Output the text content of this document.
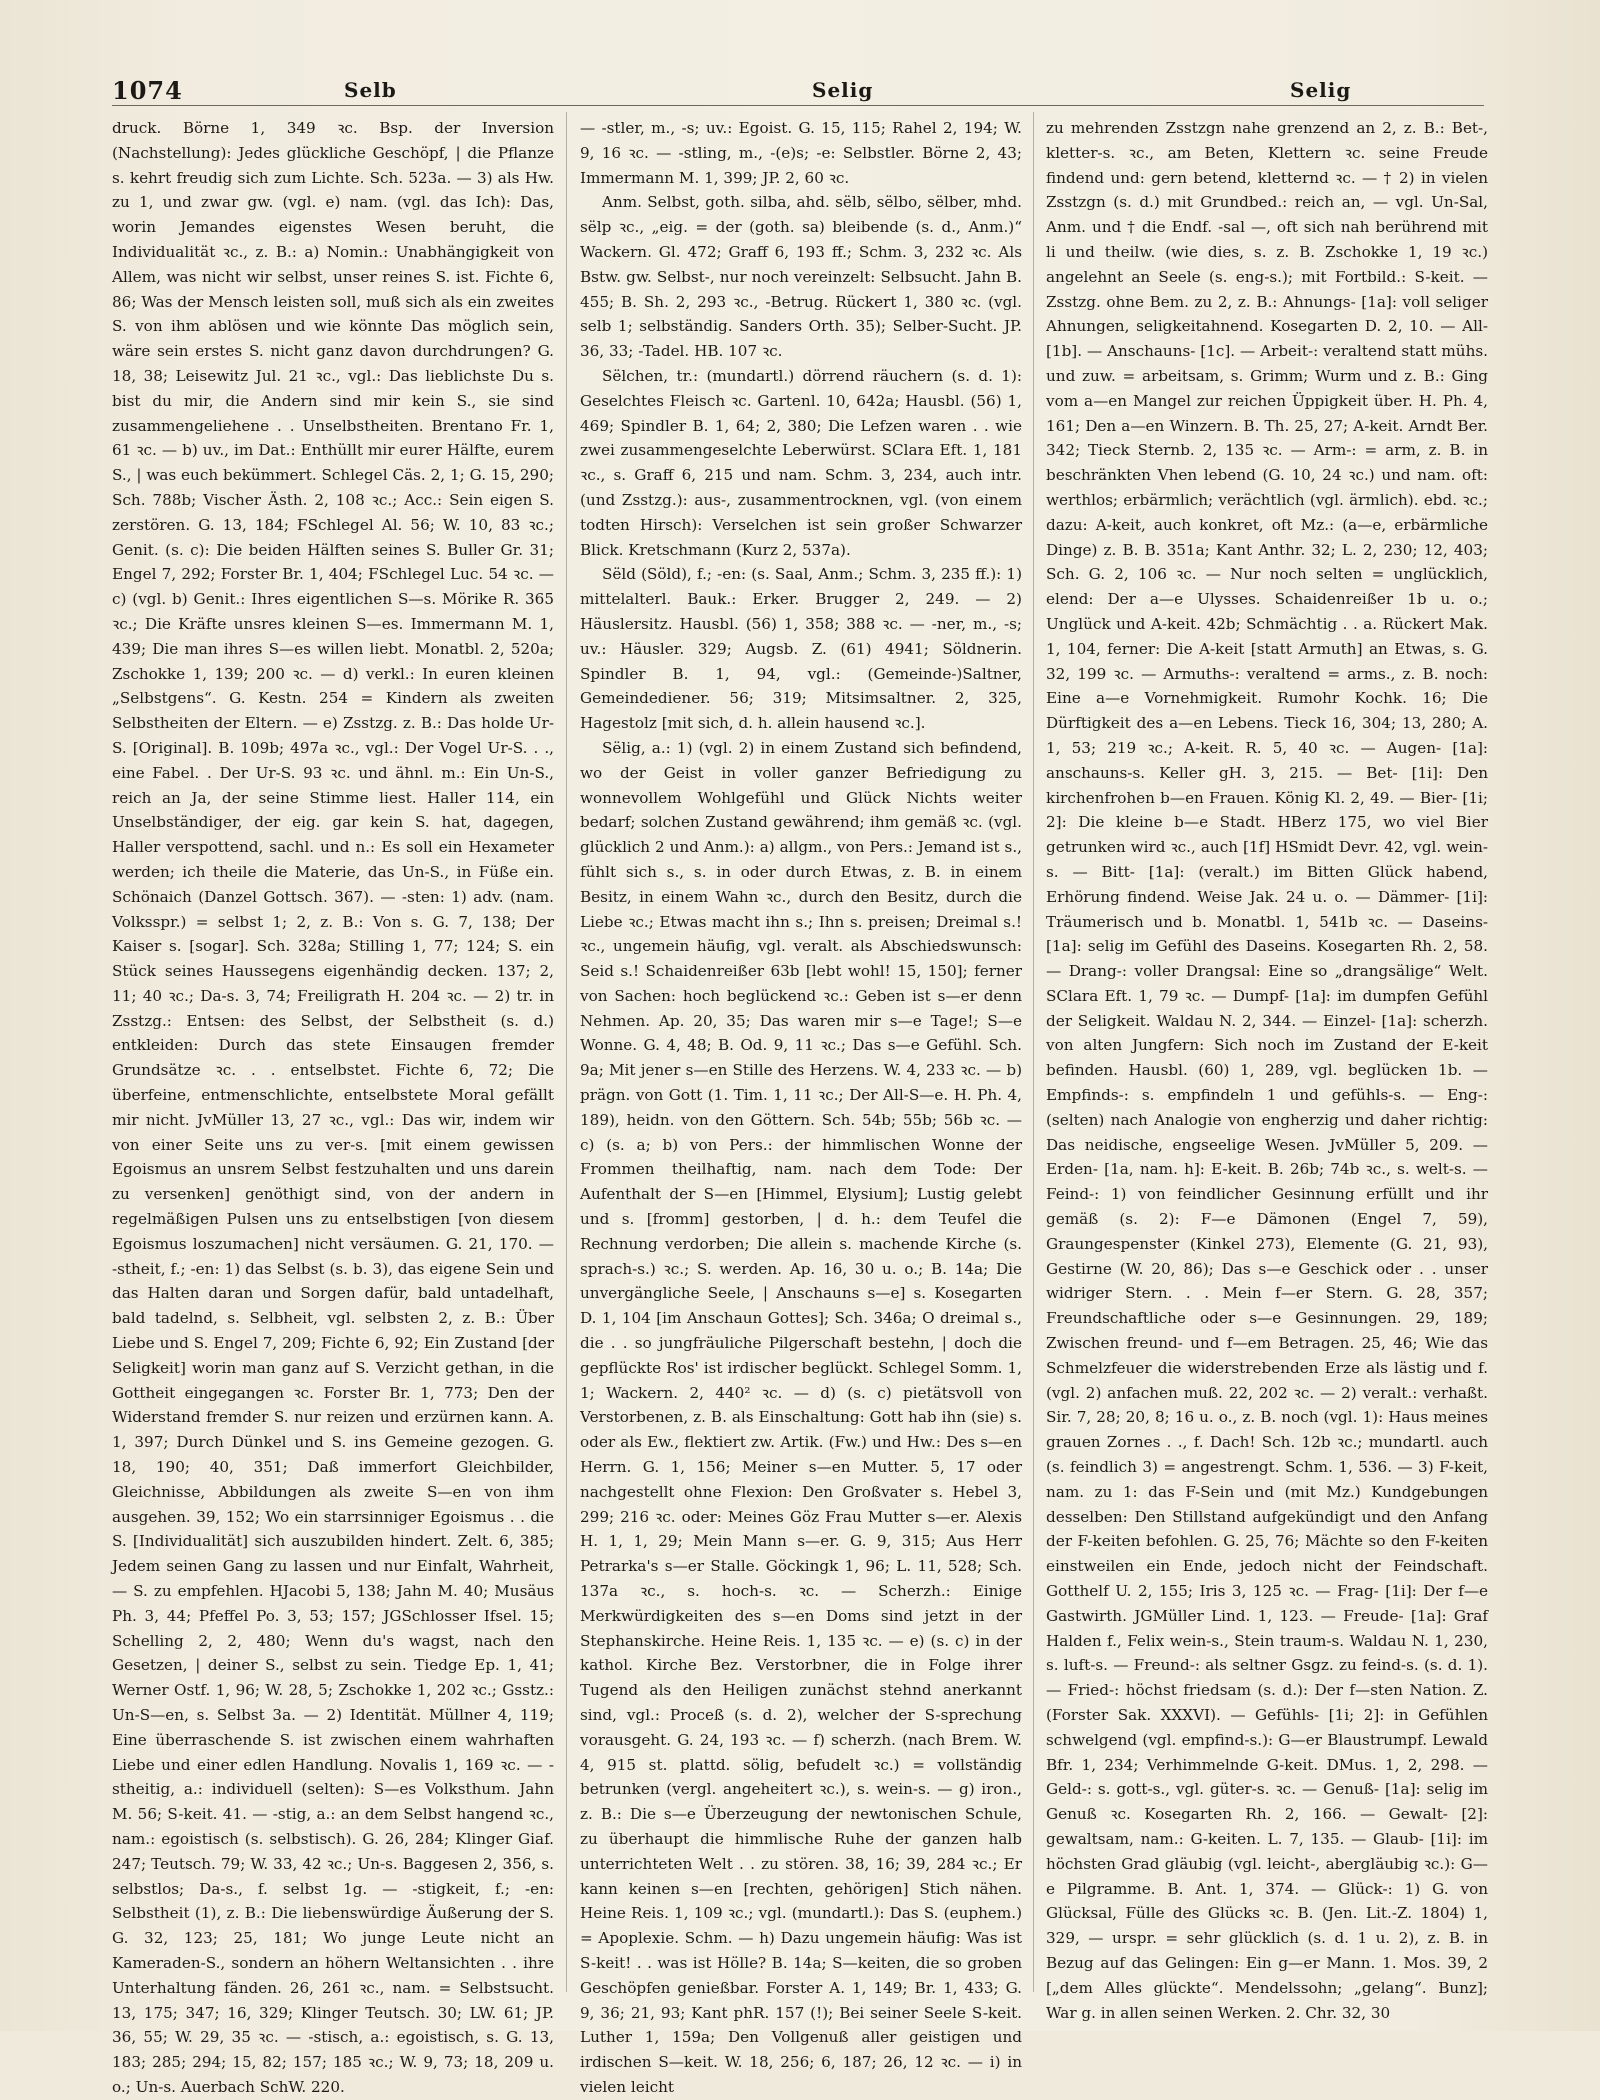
1074	Selb	Selig	Selig

druck. Börne 1, 349 ꝛc. Bsp. der Inversion (Nachstellung): Jedes glückliche Geschöpf, | die Pflanze s. kehrt freudig sich zum Lichte. Sch. 523a. — 3) als Hw. zu 1, und zwar gw. (vgl. e) nam. (vgl. das Ich): Das, worin Jemandes eigenstes Wesen beruht, die Individualität ꝛc., z. B.: a) Nomin.: Unabhängigkeit von Allem, was nicht wir selbst, unser reines S. ist. Fichte 6, 86; Was der Mensch leisten soll, muß sich als ein zweites S. von ihm ablösen und wie könnte Das möglich sein, wäre sein erstes S. nicht ganz davon durchdrungen? G. 18, 38; Leisewitz Jul. 21 ꝛc., vgl.: Das lieblichste Du s. bist du mir, die Andern sind mir kein S., sie sind zusammengeliehene . . Unselbstheiten. Brentano Fr. 1, 61 ꝛc. — b) uv., im Dat.: Enthüllt mir eurer Hälfte, eurem S., | was euch bekümmert. Schlegel Cäs. 2, 1; G. 15, 290; Sch. 788b; Vischer Ästh. 2, 108 ꝛc.; Acc.: Sein eigen S. zerstören. G. 13, 184; FSchlegel Al. 56; W. 10, 83 ꝛc.; Genit. (s. c): Die beiden Hälften seines S. Buller Gr. 31; Engel 7, 292; Forster Br. 1, 404; FSchlegel Luc. 54 ꝛc. — c) (vgl. b) Genit.: Ihres eigentlichen S—s. Mörike R. 365 ꝛc.; Die Kräfte unsres kleinen S—es. Immermann M. 1, 439; Die man ihres S—es willen liebt. Monatbl. 2, 520a; Zschokke 1, 139; 200 ꝛc. — d) verkl.: In euren kleinen „Selbstgens“. G. Kestn. 254 = Kindern als zweiten Selbstheiten der Eltern. — e) Zsstzg. z. B.: Das holde Ur-S. [Original]. B. 109b; 497a ꝛc., vgl.: Der Vogel Ur-S. . ., eine Fabel. . Der Ur-S. 93 ꝛc. und ähnl. m.: Ein Un-S., reich an Ja, der seine Stimme liest. Haller 114, ein Unselbständiger, der eig. gar kein S. hat, dagegen, Haller verspottend, sachl. und n.: Es soll ein Hexameter werden; ich theile die Materie, das Un-S., in Füße ein. Schönaich (Danzel Gottsch. 367). — -sten: 1) adv. (nam. Volksspr.) = selbst 1; 2, z. B.: Von s. G. 7, 138; Der Kaiser s. [sogar]. Sch. 328a; Stilling 1, 77; 124; S. ein Stück seines Haussegens eigenhändig decken. 137; 2, 11; 40 ꝛc.; Da-s. 3, 74; Freiligrath H. 204 ꝛc. — 2) tr. in Zsstzg.: Entsen: des Selbst, der Selbstheit (s. d.) entkleiden: Durch das stete Einsaugen fremder Grundsätze ꝛc. . . entselbstet. Fichte 6, 72; Die überfeine, entmenschlichte, entselbstete Moral gefällt mir nicht. JvMüller 13, 27 ꝛc., vgl.: Das wir, indem wir von einer Seite uns zu ver-s. [mit einem gewissen Egoismus an unsrem Selbst festzuhalten und uns darein zu versenken] genöthigt sind, von der andern in regelmäßigen Pulsen uns zu entselbstigen [von diesem Egoismus loszumachen] nicht versäumen. G. 21, 170. — -stheit, f.; -en: 1) das Selbst (s. b. 3), das eigene Sein und das Halten daran und Sorgen dafür, bald untadelhaft, bald tadelnd, s. Selbheit, vgl. selbsten 2, z. B.: Über Liebe und S. Engel 7, 209; Fichte 6, 92; Ein Zustand [der Seligkeit] worin man ganz auf S. Verzicht gethan, in die Gottheit eingegangen ꝛc. Forster Br. 1, 773; Den der Widerstand fremder S. nur reizen und erzürnen kann. A. 1, 397; Durch Dünkel und S. ins Gemeine gezogen. G. 18, 190; 40, 351; Daß immerfort Gleichbilder, Gleichnisse, Abbildungen als zweite S—en von ihm ausgehen. 39, 152; Wo ein starrsinniger Egoismus . . die S. [Individualität] sich auszubilden hindert. Zelt. 6, 385; Jedem seinen Gang zu lassen und nur Einfalt, Wahrheit, — S. zu empfehlen. HJacobi 5, 138; Jahn M. 40; Musäus Ph. 3, 44; Pfeffel Po. 3, 53; 157; JGSchlosser Ifsel. 15; Schelling 2, 2, 480; Wenn du's wagst, nach den Gesetzen, | deiner S., selbst zu sein. Tiedge Ep. 1, 41; Werner Ostf. 1, 96; W. 28, 5; Zschokke 1, 202 ꝛc.; Gsstz.: Un-S—en, s. Selbst 3a. — 2) Identität. Müllner 4, 119; Eine überraschende S. ist zwischen einem wahrhaften Liebe und einer edlen Handlung. Novalis 1, 169 ꝛc. — -stheitig, a.: individuell (selten): S—es Volksthum. Jahn M. 56; S-keit. 41. — -stig, a.: an dem Selbst hangend ꝛc., nam.: egoistisch (s. selbstisch). G. 26, 284; Klinger Giaf. 247; Teutsch. 79; W. 33, 42 ꝛc.; Un-s. Baggesen 2, 356, s. selbstlos; Da-s., f. selbst 1g. — -stigkeit, f.; -en: Selbstheit (1), z. B.: Die liebenswürdige Äußerung der S. G. 32, 123; 25, 181; Wo junge Leute nicht an Kameraden-S., sondern an höhern Weltansichten . . ihre Unterhaltung fänden. 26, 261 ꝛc., nam. = Selbstsucht. 13, 175; 347; 16, 329; Klinger Teutsch. 30; LW. 61; JP. 36, 55; W. 29, 35 ꝛc. — -stisch, a.: egoistisch, s. G. 13, 183; 285; 294; 15, 82; 157; 185 ꝛc.; W. 9, 73; 18, 209 u. o.; Un-s. Auerbach SchW. 220.

— -stler, m., -s; uv.: Egoist. G. 15, 115; Rahel 2, 194; W. 9, 16 ꝛc. — -stling, m., -(e)s; -e: Selbstler. Börne 2, 43; Immermann M. 1, 399; JP. 2, 60 ꝛc.

Anm. Selbst, goth. silba, ahd. sëlb, sëlbo, sëlber, mhd. sëlp ꝛc., „eig. = der (goth. sa) bleibende (s. d., Anm.)“ Wackern. Gl. 472; Graff 6, 193 ff.; Schm. 3, 232 ꝛc. Als Bstw. gw. Selbst-, nur noch vereinzelt: Selbsucht. Jahn B. 455; B. Sh. 2, 293 ꝛc., -Betrug. Rückert 1, 380 ꝛc. (vgl. selb 1; selbständig. Sanders Orth. 35); Selber-Sucht. JP. 36, 33; -Tadel. HB. 107 ꝛc.

Sëlchen, tr.: (mundartl.) dörrend räuchern (s. d. 1): Geselchtes Fleisch ꝛc. Gartenl. 10, 642a; Hausbl. (56) 1, 469; Spindler B. 1, 64; 2, 380; Die Lefzen waren . . wie zwei zusammengeselchte Leberwürst. SClara Eft. 1, 181 ꝛc., s. Graff 6, 215 und nam. Schm. 3, 234, auch intr. (und Zsstzg.): aus-, zusammentrocknen, vgl. (von einem todten Hirsch): Verselchen ist sein großer Schwarzer Blick. Kretschmann (Kurz 2, 537a).

Sëld (Söld), f.; -en: (s. Saal, Anm.; Schm. 3, 235 ff.): 1) mittelalterl. Bauk.: Erker. Brugger 2, 249. — 2) Häuslersitz. Hausbl. (56) 1, 358; 388 ꝛc. — -ner, m., -s; uv.: Häusler. 329; Augsb. Z. (61) 4941; Söldnerin. Spindler B. 1, 94, vgl.: (Gemeinde-)Saltner, Gemeindediener. 56; 319; Mitsimsaltner. 2, 325, Hagestolz [mit sich, d. h. allein hausend ꝛc.].

Sëlig, a.: 1) (vgl. 2) in einem Zustand sich befindend, wo der Geist in voller ganzer Befriedigung zu wonnevollem Wohlgefühl und Glück Nichts weiter bedarf; solchen Zustand gewährend; ihm gemäß ꝛc. (vgl. glücklich 2 und Anm.): a) allgm., von Pers.: Jemand ist s., fühlt sich s., s. in oder durch Etwas, z. B. in einem Besitz, in einem Wahn ꝛc., durch den Besitz, durch die Liebe ꝛc.; Etwas macht ihn s.; Ihn s. preisen; Dreimal s.! ꝛc., ungemein häufig, vgl. veralt. als Abschiedswunsch: Seid s.! Schaidenreißer 63b [lebt wohl! 15, 150]; ferner von Sachen: hoch beglückend ꝛc.: Geben ist s—er denn Nehmen. Ap. 20, 35; Das waren mir s—e Tage!; S—e Wonne. G. 4, 48; B. Od. 9, 11 ꝛc.; Das s—e Gefühl. Sch. 9a; Mit jener s—en Stille des Herzens. W. 4, 233 ꝛc. — b) prägn. von Gott (1. Tim. 1, 11 ꝛc.; Der All-S—e. H. Ph. 4, 189), heidn. von den Göttern. Sch. 54b; 55b; 56b ꝛc. — c) (s. a; b) von Pers.: der himmlischen Wonne der Frommen theilhaftig, nam. nach dem Tode: Der Aufenthalt der S—en [Himmel, Elysium]; Lustig gelebt und s. [fromm] gestorben, | d. h.: dem Teufel die Rechnung verdorben; Die allein s. machende Kirche (s. sprach-s.) ꝛc.; S. werden. Ap. 16, 30 u. o.; B. 14a; Die unvergängliche Seele, | Anschauns s—e] s. Kosegarten D. 1, 104 [im Anschaun Gottes]; Sch. 346a; O dreimal s., die . . so jungfräuliche Pilgerschaft bestehn, | doch die gepflückte Ros' ist irdischer beglückt. Schlegel Somm. 1, 1; Wackern. 2, 440² ꝛc. — d) (s. c) pietätsvoll von Verstorbenen, z. B. als Einschaltung: Gott hab ihn (sie) s. oder als Ew., flektiert zw. Artik. (Fw.) und Hw.: Des s—en Herrn. G. 1, 156; Meiner s—en Mutter. 5, 17 oder nachgestellt ohne Flexion: Den Großvater s. Hebel 3, 299; 216 ꝛc. oder: Meines Göz Frau Mutter s—er. Alexis H. 1, 1, 29; Mein Mann s—er. G. 9, 315; Aus Herr Petrarka's s—er Stalle. Göckingk 1, 96; L. 11, 528; Sch. 137a ꝛc., s. hoch-s. ꝛc. — Scherzh.: Einige Merkwürdigkeiten des s—en Doms sind jetzt in der Stephanskirche. Heine Reis. 1, 135 ꝛc. — e) (s. c) in der kathol. Kirche Bez. Verstorbner, die in Folge ihrer Tugend als den Heiligen zunächst stehnd anerkannt sind, vgl.: Proceß (s. d. 2), welcher der S-sprechung vorausgeht. G. 24, 193 ꝛc. — f) scherzh. (nach Brem. W. 4, 915 st. plattd. sölig, befudelt ꝛc.) = vollständig betrunken (vergl. angeheitert ꝛc.), s. wein-s. — g) iron., z. B.: Die s—e Überzeugung der newtonischen Schule, zu überhaupt die himmlische Ruhe der ganzen halb unterrichteten Welt . . zu stören. 38, 16; 39, 284 ꝛc.; Er kann keinen s—en [rechten, gehörigen] Stich nähen. Heine Reis. 1, 109 ꝛc.; vgl. (mundartl.): Das S. (euphem.) = Apoplexie. Schm. — h) Dazu ungemein häufig: Was ist S-keit! . . was ist Hölle? B. 14a; S—keiten, die so groben Geschöpfen genießbar. Forster A. 1, 149; Br. 1, 433; G. 9, 36; 21, 93; Kant phR. 157 (!); Bei seiner Seele S-keit. Luther 1, 159a; Den Vollgenuß aller geistigen und irdischen S—keit. W. 18, 256; 6, 187; 26, 12 ꝛc. — i) in vielen leicht

zu mehrenden Zsstzgn nahe grenzend an 2, z. B.: Bet-, kletter-s. ꝛc., am Beten, Klettern ꝛc. seine Freude findend und: gern betend, kletternd ꝛc. — † 2) in vielen Zsstzgn (s. d.) mit Grundbed.: reich an, — vgl. Un-Sal, Anm. und † die Endf. -sal —, oft sich nah berührend mit li und theilw. (wie dies, s. z. B. Zschokke 1, 19 ꝛc.) angelehnt an Seele (s. eng-s.); mit Fortbild.: S-keit. — Zsstzg. ohne Bem. zu 2, z. B.: Ahnungs- [1a]: voll seliger Ahnungen, seligkeitahnend. Kosegarten D. 2, 10. — All- [1b]. — Anschauns- [1c]. — Arbeit-: veraltend statt mühs. und zuw. = arbeitsam, s. Grimm; Wurm und z. B.: Ging vom a—en Mangel zur reichen Üppigkeit über. H. Ph. 4, 161; Den a—en Winzern. B. Th. 25, 27; A-keit. Arndt Ber. 342; Tieck Sternb. 2, 135 ꝛc. — Arm-: = arm, z. B. in beschränkten Vhen lebend (G. 10, 24 ꝛc.) und nam. oft: werthlos; erbärmlich; verächtlich (vgl. ärmlich). ebd. ꝛc.; dazu: A-keit, auch konkret, oft Mz.: (a—e, erbärmliche Dinge) z. B. B. 351a; Kant Anthr. 32; L. 2, 230; 12, 403; Sch. G. 2, 106 ꝛc. — Nur noch selten = unglücklich, elend: Der a—e Ulysses. Schaidenreißer 1b u. o.; Unglück und A-keit. 42b; Schmächtig . . a. Rückert Mak. 1, 104, ferner: Die A-keit [statt Armuth] an Etwas, s. G. 32, 199 ꝛc. — Armuths-: veraltend = arms., z. B. noch: Eine a—e Vornehmigkeit. Rumohr Kochk. 16; Die Dürftigkeit des a—en Lebens. Tieck 16, 304; 13, 280; A. 1, 53; 219 ꝛc.; A-keit. R. 5, 40 ꝛc. — Augen- [1a]: anschauns-s. Keller gH. 3, 215. — Bet- [1i]: Den kirchenfrohen b—en Frauen. König Kl. 2, 49. — Bier- [1i; 2]: Die kleine b—e Stadt. HBerz 175, wo viel Bier getrunken wird ꝛc., auch [1f] HSmidt Devr. 42, vgl. wein-s. — Bitt- [1a]: (veralt.) im Bitten Glück habend, Erhörung findend. Weise Jak. 24 u. o. — Dämmer- [1i]: Träumerisch und b. Monatbl. 1, 541b ꝛc. — Daseins- [1a]: selig im Gefühl des Daseins. Kosegarten Rh. 2, 58. — Drang-: voller Drangsal: Eine so „drangsälige“ Welt. SClara Eft. 1, 79 ꝛc. — Dumpf- [1a]: im dumpfen Gefühl der Seligkeit. Waldau N. 2, 344. — Einzel- [1a]: scherzh. von alten Jungfern: Sich noch im Zustand der E-keit befinden. Hausbl. (60) 1, 289, vgl. beglücken 1b. — Empfinds-: s. empfindeln 1 und gefühls-s. — Eng-: (selten) nach Analogie von engherzig und daher richtig: Das neidische, engseelige Wesen. JvMüller 5, 209. — Erden- [1a, nam. h]: E-keit. B. 26b; 74b ꝛc., s. welt-s. — Feind-: 1) von feindlicher Gesinnung erfüllt und ihr gemäß (s. 2): F—e Dämonen (Engel 7, 59), Graungespenster (Kinkel 273), Elemente (G. 21, 93), Gestirne (W. 20, 86); Das s—e Geschick oder . . unser widriger Stern. . . Mein f—er Stern. G. 28, 357; Freundschaftliche oder s—e Gesinnungen. 29, 189; Zwischen freund- und f—em Betragen. 25, 46; Wie das Schmelzfeuer die widerstrebenden Erze als lästig und f. (vgl. 2) anfachen muß. 22, 202 ꝛc. — 2) veralt.: verhaßt. Sir. 7, 28; 20, 8; 16 u. o., z. B. noch (vgl. 1): Haus meines grauen Zornes . ., f. Dach! Sch. 12b ꝛc.; mundartl. auch (s. feindlich 3) = angestrengt. Schm. 1, 536. — 3) F-keit, nam. zu 1: das F-Sein und (mit Mz.) Kundgebungen desselben: Den Stillstand aufgekündigt und den Anfang der F-keiten befohlen. G. 25, 76; Mächte so den F-keiten einstweilen ein Ende, jedoch nicht der Feindschaft. Gotthelf U. 2, 155; Iris 3, 125 ꝛc. — Frag- [1i]: Der f—e Gastwirth. JGMüller Lind. 1, 123. — Freude- [1a]: Graf Halden f., Felix wein-s., Stein traum-s. Waldau N. 1, 230, s. luft-s. — Freund-: als seltner Gsgz. zu feind-s. (s. d. 1). — Fried-: höchst friedsam (s. d.): Der f—sten Nation. Z. (Forster Sak. XXXVI). — Gefühls- [1i; 2]: in Gefühlen schwelgend (vgl. empfind-s.): G—er Blaustrumpf. Lewald Bfr. 1, 234; Verhimmelnde G-keit. DMus. 1, 2, 298. — Geld-: s. gott-s., vgl. güter-s. ꝛc. — Genuß- [1a]: selig im Genuß ꝛc. Kosegarten Rh. 2, 166. — Gewalt- [2]: gewaltsam, nam.: G-keiten. L. 7, 135. — Glaub- [1i]: im höchsten Grad gläubig (vgl. leicht-, abergläubig ꝛc.): G—e Pilgramme. B. Ant. 1, 374. — Glück-: 1) G. von Glücksal, Fülle des Glücks ꝛc. B. (Jen. Lit.-Z. 1804) 1, 329, — urspr. = sehr glücklich (s. d. 1 u. 2), z. B. in Bezug auf das Gelingen: Ein g—er Mann. 1. Mos. 39, 2 [„dem Alles glückte“. Mendelssohn; „gelang“. Bunz]; War g. in allen seinen Werken. 2. Chr. 32, 30
